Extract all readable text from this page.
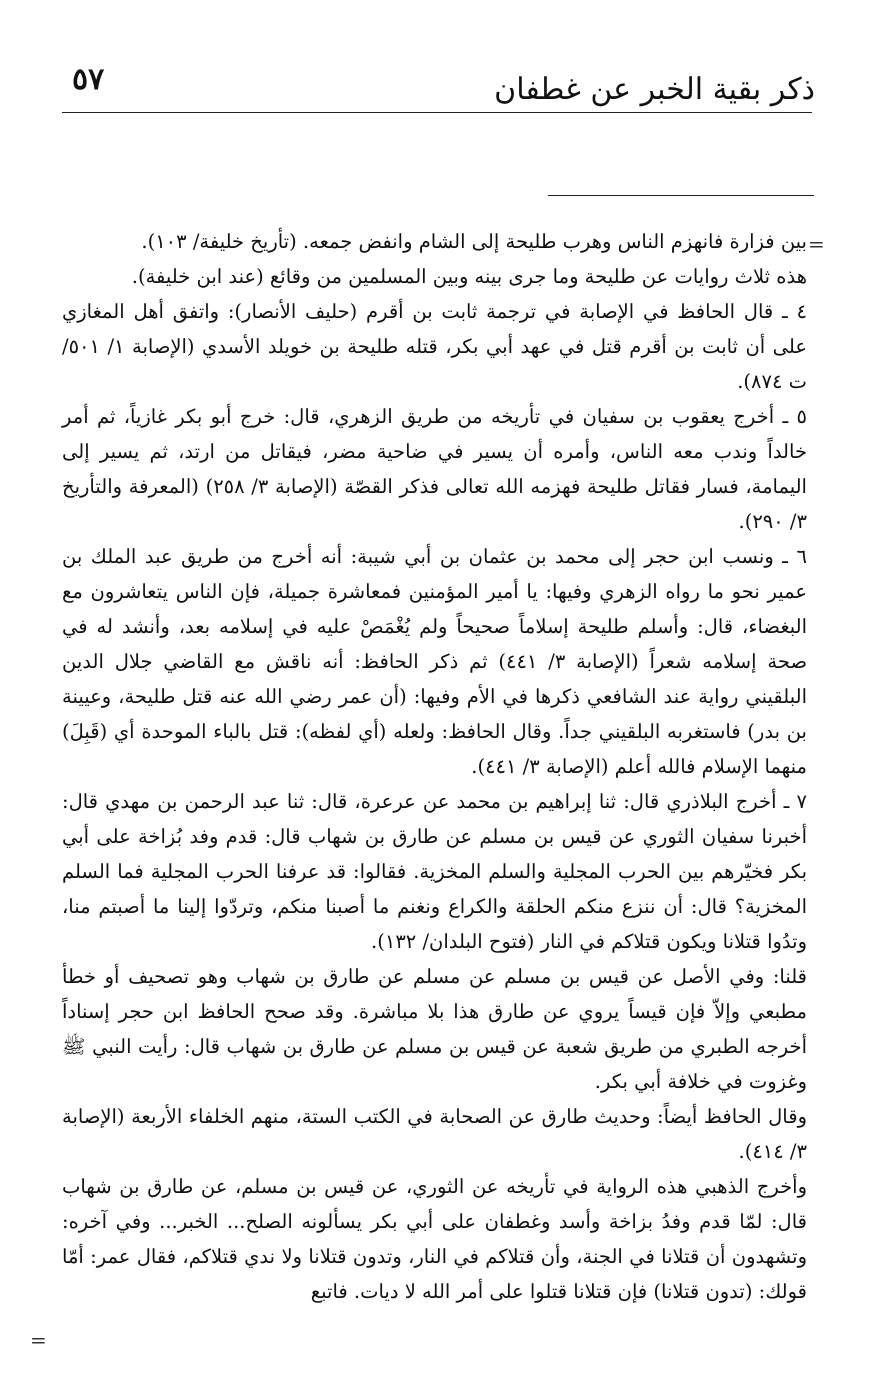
٥٧	ذكر بقية الخبر عن غطفان
=
=

بين فزارة فانهزم الناس وهرب طليحة إلى الشام وانفض جمعه. (تأريخ خليفة/ ١٠٣).

هذه ثلاث روايات عن طليحة وما جرى بينه وبين المسلمين من وقائع (عند ابن خليفة).

٤ ـ قال الحافظ في الإصابة في ترجمة ثابت بن أقرم (حليف الأنصار): واتفق أهل المغازي على أن ثابت بن أقرم قتل في عهد أبي بكر، قتله طليحة بن خويلد الأسدي (الإصابة ١/ ٥٠١/ ت ٨٧٤).

٥ ـ أخرج يعقوب بن سفيان في تأريخه من طريق الزهري، قال: خرج أبو بكر غازياً، ثم أمر خالداً وندب معه الناس، وأمره أن يسير في ضاحية مضر، فيقاتل من ارتد، ثم يسير إلى اليمامة، فسار فقاتل طليحة فهزمه الله تعالى فذكر القصّة (الإصابة ٣/ ٢٥٨) (المعرفة والتأريخ ٣/ ٢٩٠).

٦ ـ ونسب ابن حجر إلى محمد بن عثمان بن أبي شيبة: أنه أخرج من طريق عبد الملك بن عمير نحو ما رواه الزهري وفيها: يا أمير المؤمنين فمعاشرة جميلة، فإن الناس يتعاشرون مع البغضاء، قال: وأسلم طليحة إسلاماً صحيحاً ولم يُغْمَصْ عليه في إسلامه بعد، وأنشد له في صحة إسلامه شعراً (الإصابة ٣/ ٤٤١) ثم ذكر الحافظ: أنه ناقش مع القاضي جلال الدين البلقيني رواية عند الشافعي ذكرها في الأم وفيها: (أن عمر رضي الله عنه قتل طليحة، وعيينة بن بدر) فاستغربه البلقيني جداً. وقال الحافظ: ولعله (أي لفظه): قتل بالباء الموحدة أي (قَبِلَ) منهما الإسلام فالله أعلم (الإصابة ٣/ ٤٤١).

٧ ـ أخرج البلاذري قال: ثنا إبراهيم بن محمد عن عرعرة، قال: ثنا عبد الرحمن بن مهدي قال: أخبرنا سفيان الثوري عن قيس بن مسلم عن طارق بن شهاب قال: قدم وفد بُزاخة على أبي بكر فخيّرهم بين الحرب المجلية والسلم المخزية. فقالوا: قد عرفنا الحرب المجلية فما السلم المخزية؟ قال: أن ننزع منكم الحلقة والكراع ونغنم ما أصبنا منكم، وتردّوا إلينا ما أصبتم منا، وتدُوا قتلانا ويكون قتلاكم في النار (فتوح البلدان/ ١٣٢).

قلنا: وفي الأصل عن قيس بن مسلم عن مسلم عن طارق بن شهاب وهو تصحيف أو خطأ مطبعي وإلاّ فإن قيساً يروي عن طارق هذا بلا مباشرة. وقد صحح الحافظ ابن حجر إسناداً أخرجه الطبري من طريق شعبة عن قيس بن مسلم عن طارق بن شهاب قال: رأيت النبي ﷺ وغزوت في خلافة أبي بكر.

وقال الحافظ أيضاً: وحديث طارق عن الصحابة في الكتب الستة، منهم الخلفاء الأربعة (الإصابة ٣/ ٤١٤).

وأخرج الذهبي هذه الرواية في تأريخه عن الثوري، عن قيس بن مسلم، عن طارق بن شهاب قال: لمّا قدم وفدُ بزاخة وأسد وغطفان على أبي بكر يسألونه الصلح... الخبر... وفي آخره: وتشهدون أن قتلانا في الجنة، وأن قتلاكم في النار، وتدون قتلانا ولا ندي قتلاكم، فقال عمر: أمّا قولك: (تدون قتلانا) فإن قتلانا قتلوا على أمر الله لا ديات. فاتبع
